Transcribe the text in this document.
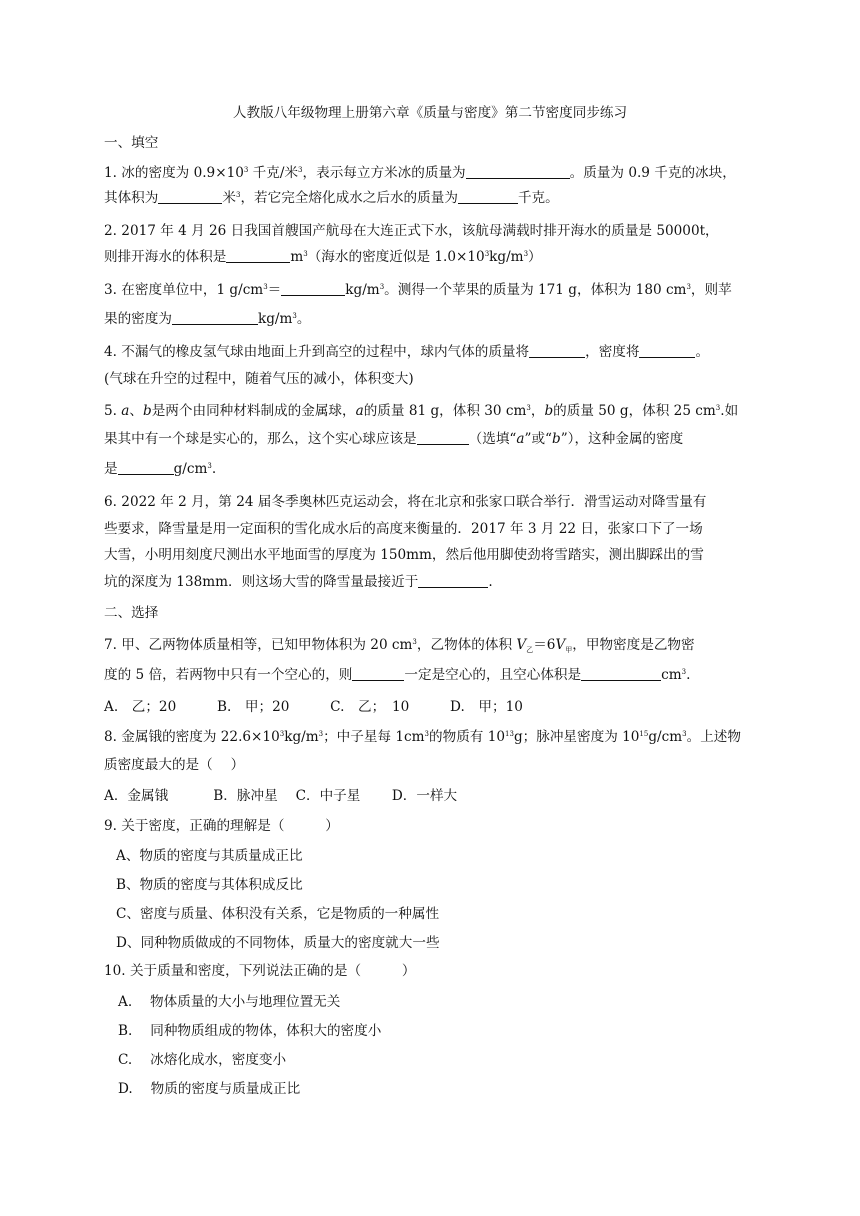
人教版八年级物理上册第六章《质量与密度》第二节密度同步练习
一、填空
1. 冰的密度为 $0.9\times 10^3$ 千克/米$^3$，表示每立方米冰的质量为	。质量为 0.9 千克的冰块，
其体积为	米$^3$，若它完全熔化成水之后水的质量为	千克。
2. 2017 年 4 月 26 日我国首艘国产航母在大连正式下水，该航母满载时排开海水的质量是 50000t，
则排开海水的体积是	$m^3$（海水的密度近似是 $1.0\times 10^3kg/m^3$）
3. 在密度单位中，1 $g/cm^3=$	$kg/m^3$。测得一个苹果的质量为 171 g，体积为 180 $cm^3$，则苹
果的密度为	$kg/m^3$。
4. 不漏气的橡皮氢气球由地面上升到高空的过程中，球内气体的质量将	，密度将	。
(气球在升空的过程中，随着气压的减小，体积变大)
5. a、b是两个由同种材料制成的金属球，a的质量 81 g，体积 30 $cm^3$，b的质量 50 g，体积 25 $cm^3$.如
果其中有一个球是实心的，那么，这个实心球应该是	（选填“a”或“b”），这种金属的密度
是	$g/cm^3$.
6. 2022 年 2 月，第 24 届冬季奥林匹克运动会，将在北京和张家口联合举行．滑雪运动对降雪量有
些要求，降雪量是用一定面积的雪化成水后的高度来衡量的．2017 年 3 月 22 日，张家口下了一场
大雪，小明用刻度尺测出水平地面雪的厚度为 150mm，然后他用脚使劲将雪踏实，测出脚踩出的雪
坑的深度为 138mm．则这场大雪的降雪量最接近于	.
二、选择
7. 甲、乙两物体质量相等，已知甲物体积为 20 $cm^3$，乙物体的体积 $V_乙=6V_甲$，甲物密度是乙物密
度的 5 倍，若两物中只有一个空心的，则	一定是空心的，且空心体积是	$cm^3$.
A.　乙；20　　　B.　甲；20　　　C.　乙；　10　　　D.　甲；10
8. 金属锇的密度为 $22.6\times 10^3kg/m^3$；中子星每 $1cm^3$的物质有 $10^{13}g$；脉冲星密度为 $10^{15}g/cm^3$。上述物
质密度最大的是（　 ）
A．金属锇　　　 B．脉冲星　 C．中子星　　 D．一样大
9. 关于密度，正确的理解是（　　　）
A、物质的密度与其质量成正比
B、物质的密度与其体积成反比
C、密度与质量、体积没有关系，它是物质的一种属性
D、同种物质做成的不同物体，质量大的密度就大一些
10. 关于质量和密度，下列说法正确的是（　　　）
A.　 物体质量的大小与地理位置无关
B.　 同种物质组成的物体，体积大的密度小
C.　 冰熔化成水，密度变小
D.　 物质的密度与质量成正比
